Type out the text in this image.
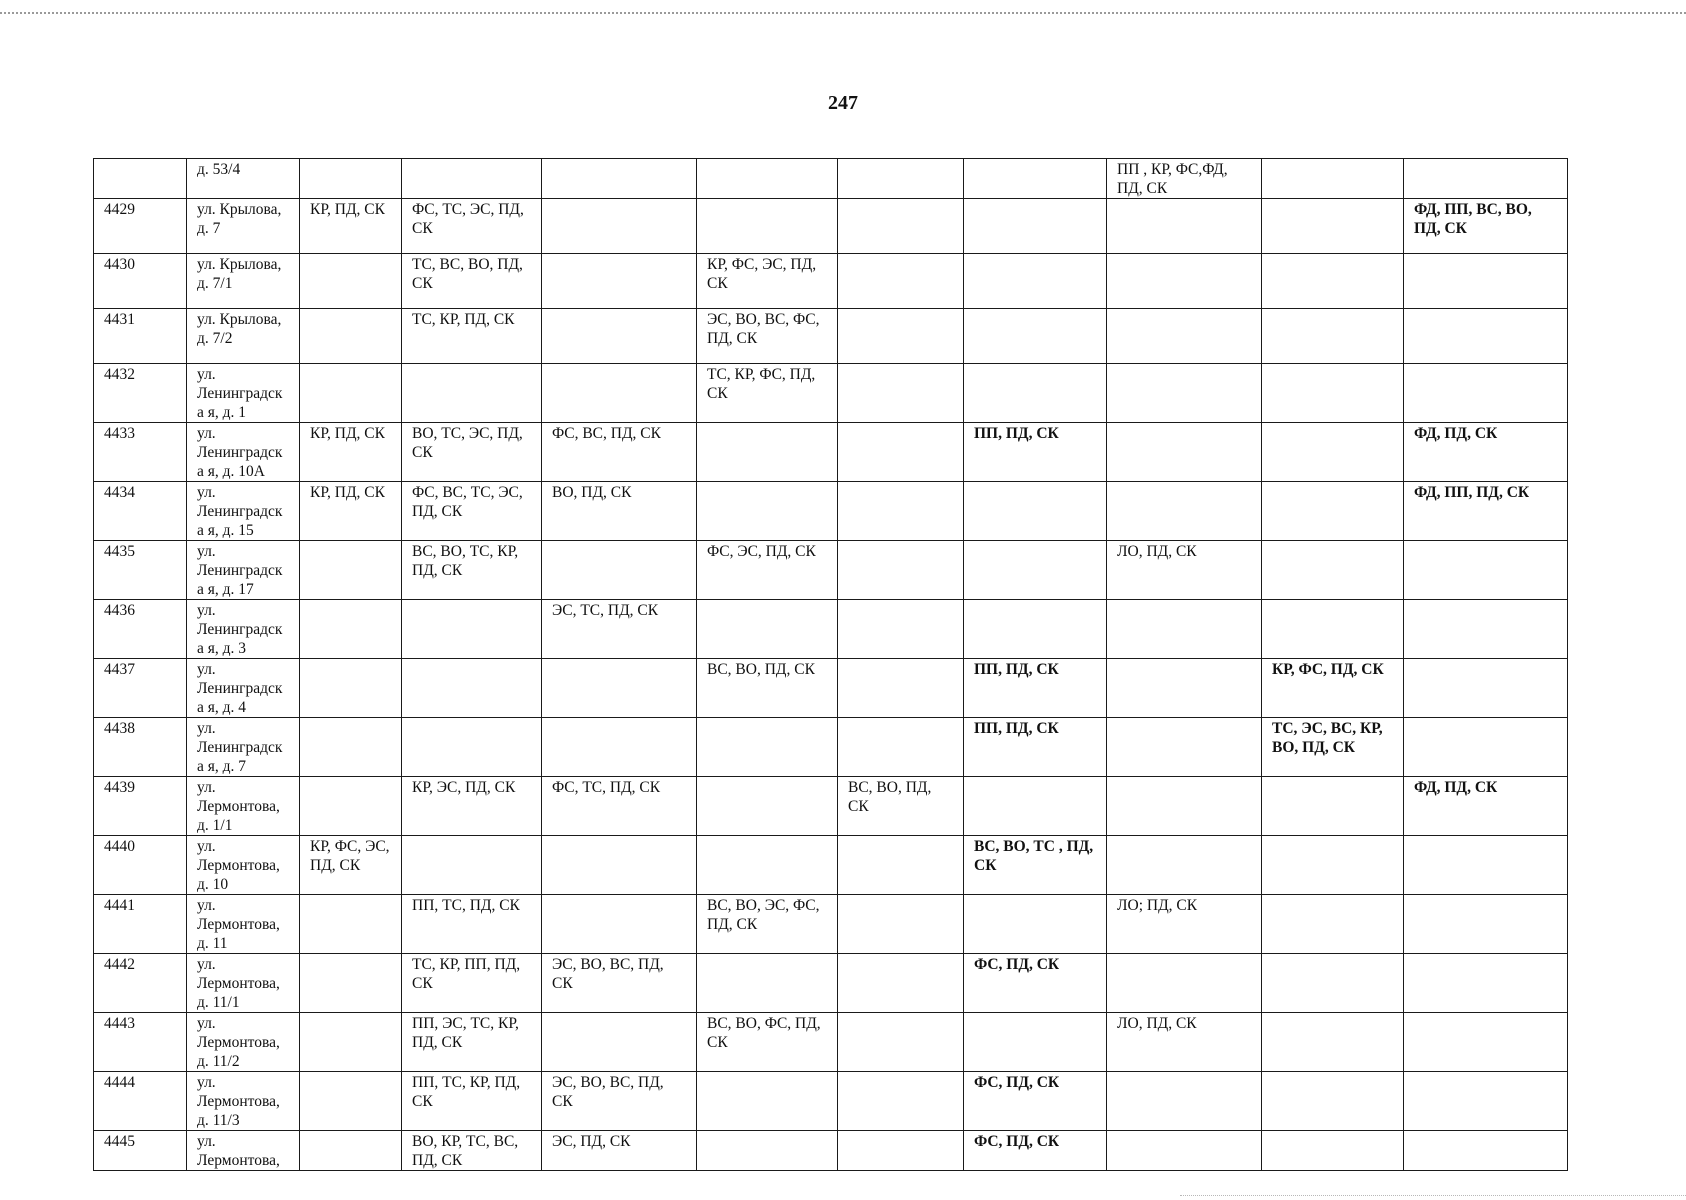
247
	д. 53/4							ПП , КР, ФС,ФД, ПД, СК		
4429	ул. Крылова, д. 7	КР, ПД, СК	ФС, ТС, ЭС, ПД, СК							ФД, ПП, ВС, ВО, ПД, СК
4430	ул. Крылова, д. 7/1		ТС, ВС, ВО, ПД, СК		КР, ФС, ЭС, ПД, СК					
4431	ул. Крылова, д. 7/2		ТС, КР, ПД, СК		ЭС, ВО, ВС, ФС, ПД, СК					
4432	ул. Ленинградска я, д. 1				ТС, КР, ФС, ПД, СК					
4433	ул. Ленинградска я, д. 10А	КР, ПД, СК	ВО, ТС, ЭС, ПД, СК	ФС, ВС, ПД, СК			ПП, ПД, СК			ФД, ПД, СК
4434	ул. Ленинградска я, д. 15	КР, ПД, СК	ФС, ВС, ТС, ЭС, ПД, СК	ВО, ПД, СК						ФД, ПП, ПД, СК
4435	ул. Ленинградска я, д. 17		ВС, ВО, ТС, КР, ПД, СК		ФС, ЭС, ПД, СК			ЛО, ПД, СК		
4436	ул. Ленинградска я, д. 3			ЭС, ТС, ПД, СК						
4437	ул. Ленинградска я, д. 4				ВС, ВО, ПД, СК		ПП, ПД, СК		КР, ФС, ПД, СК	
4438	ул. Ленинградска я, д. 7						ПП, ПД, СК		ТС, ЭС, ВС, КР, ВО, ПД, СК	
4439	ул. Лермонтова, д. 1/1		КР, ЭС, ПД, СК	ФС, ТС, ПД, СК		ВС, ВО, ПД, СК				ФД, ПД, СК
4440	ул. Лермонтова, д. 10	КР, ФС, ЭС, ПД, СК					ВС, ВО, ТС , ПД, СК			
4441	ул. Лермонтова, д. 11		ПП, ТС, ПД, СК		ВС, ВО, ЭС, ФС, ПД, СК			ЛО; ПД, СК		
4442	ул. Лермонтова, д. 11/1		ТС, КР, ПП, ПД, СК	ЭС, ВО, ВС, ПД, СК			ФС, ПД, СК			
4443	ул. Лермонтова, д. 11/2		ПП, ЭС, ТС, КР, ПД, СК		ВС, ВО, ФС, ПД, СК			ЛО, ПД, СК		
4444	ул. Лермонтова, д. 11/3		ПП, ТС, КР, ПД, СК	ЭС, ВО, ВС, ПД, СК			ФС, ПД, СК			
4445	ул. Лермонтова,		ВО, КР, ТС, ВС, ПД, СК	ЭС, ПД, СК			ФС, ПД, СК			
